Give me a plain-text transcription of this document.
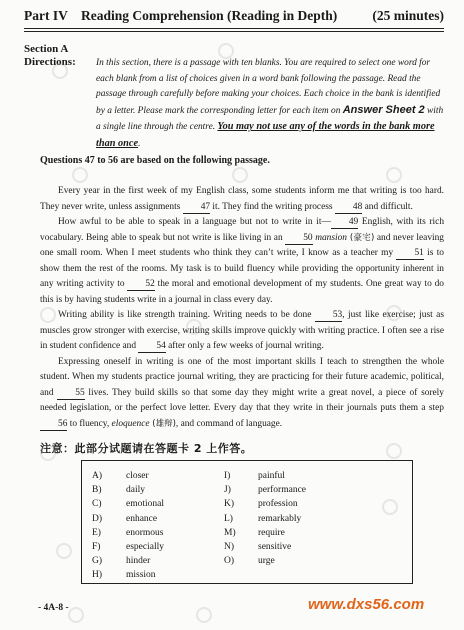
Part IV Reading Comprehension (Reading in Depth)	(25 minutes)
Section A
Directions: In this section, there is a passage with ten blanks. You are required to select one word for each blank from a list of choices given in a word bank following the passage. Read the passage through carefully before making your choices. Each choice in the bank is identified by a letter. Please mark the corresponding letter for each item on Answer Sheet 2 with a single line through the centre. You may not use any of the words in the bank more than once.
Questions 47 to 56 are based on the following passage.

Every year in the first week of my English class, some students inform me that writing is too hard. They never write, unless assignments 47 it. They find the writing process 48 and difficult.

How awful to be able to speak in a language but not to write in it— 49 English, with its rich vocabulary. Being able to speak but not write is like living in an 50 mansion (豪宅) and never leaving one small room. When I meet students who think they can’t write, I know as a teacher my 51 is to show them the rest of the rooms. My task is to build fluency while providing the opportunity inherent in any writing activity to 52 the moral and emotional development of my students. One great way to do this is by having students write in a journal in class every day.

Writing ability is like strength training. Writing needs to be done 53, just like exercise; just as muscles grow stronger with exercise, writing skills improve quickly with writing practice. I often see a rise in student confidence and 54 after only a few weeks of journal writing.

Expressing oneself in writing is one of the most important skills I teach to strengthen the whole student. When my students practice journal writing, they are practicing for their future academic, political, and 55 lives. They build skills so that some day they might write a great novel, a piece of sorely needed legislation, or the perfect love letter. Every day that they write in their journals puts them a step 56 to fluency, eloquence (雄辩), and command of language.

注意：此部分试题请在答题卡 2 上作答。
A)	closer
B)	daily
C)	emotional
D)	enhance
E)	enormous
F)	especially
G)	hinder
H)	mission
I)	painful
J)	performance
K)	profession
L)	remarkably
M)	require
N)	sensitive
O)	urge
- 4A-8 -	www.dxs56.com
